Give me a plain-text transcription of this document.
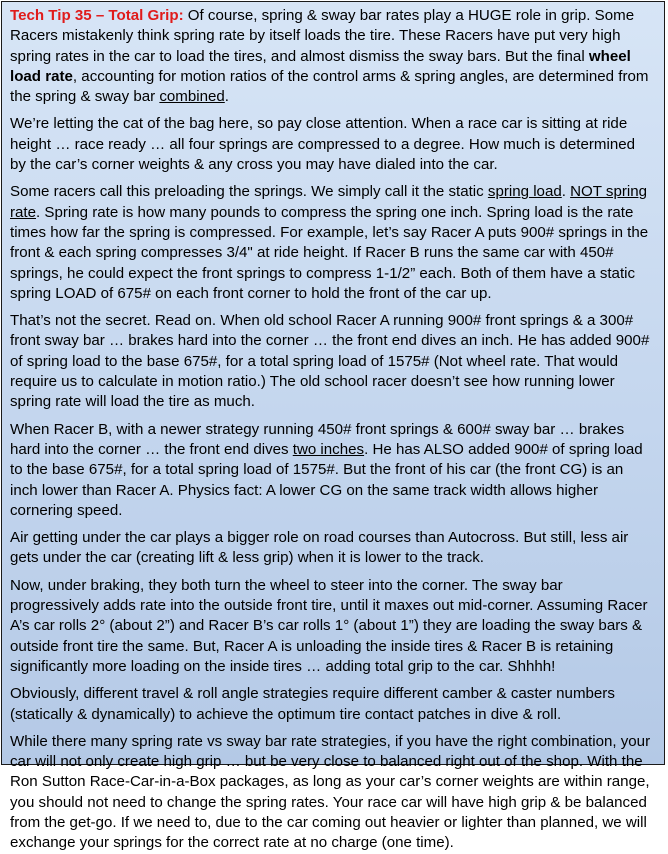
Tech Tip 35 – Total Grip: Of course, spring & sway bar rates play a HUGE role in grip. Some Racers mistakenly think spring rate by itself loads the tire. These Racers have put very high spring rates in the car to load the tires, and almost dismiss the sway bars. But the final wheel load rate, accounting for motion ratios of the control arms & spring angles, are determined from the spring & sway bar combined.

We’re letting the cat of the bag here, so pay close attention. When a race car is sitting at ride height … race ready … all four springs are compressed to a degree. How much is determined by the car’s corner weights & any cross you may have dialed into the car.

Some racers call this preloading the springs. We simply call it the static spring load. NOT spring rate. Spring rate is how many pounds to compress the spring one inch. Spring load is the rate times how far the spring is compressed. For example, let’s say Racer A puts 900# springs in the front & each spring compresses 3/4" at ride height. If Racer B runs the same car with 450# springs, he could expect the front springs to compress 1-1/2” each. Both of them have a static spring LOAD of 675# on each front corner to hold the front of the car up.

That’s not the secret. Read on. When old school Racer A running 900# front springs & a 300# front sway bar … brakes hard into the corner … the front end dives an inch. He has added 900# of spring load to the base 675#, for a total spring load of 1575# (Not wheel rate. That would require us to calculate in motion ratio.) The old school racer doesn’t see how running lower spring rate will load the tire as much.

When Racer B, with a newer strategy running 450# front springs & 600# sway bar … brakes hard into the corner … the front end dives two inches. He has ALSO added 900# of spring load to the base 675#, for a total spring load of 1575#. But the front of his car (the front CG) is an inch lower than Racer A. Physics fact: A lower CG on the same track width allows higher cornering speed.

Air getting under the car plays a bigger role on road courses than Autocross. But still, less air gets under the car (creating lift & less grip) when it is lower to the track.

Now, under braking, they both turn the wheel to steer into the corner. The sway bar progressively adds rate into the outside front tire, until it maxes out mid-corner. Assuming Racer A’s car rolls 2° (about 2”) and Racer B’s car rolls 1° (about 1”) they are loading the sway bars & outside front tire the same. But, Racer A is unloading the inside tires & Racer B is retaining significantly more loading on the inside tires … adding total grip to the car. Shhhh!

Obviously, different travel & roll angle strategies require different camber & caster numbers (statically & dynamically) to achieve the optimum tire contact patches in dive & roll.

While there many spring rate vs sway bar rate strategies, if you have the right combination, your car will not only create high grip … but be very close to balanced right out of the shop. With the Ron Sutton Race-Car-in-a-Box packages, as long as your car’s corner weights are within range, you should not need to change the spring rates. Your race car will have high grip & be balanced from the get-go. If we need to, due to the car coming out heavier or lighter than planned, we will exchange your springs for the correct rate at no charge (one time).
